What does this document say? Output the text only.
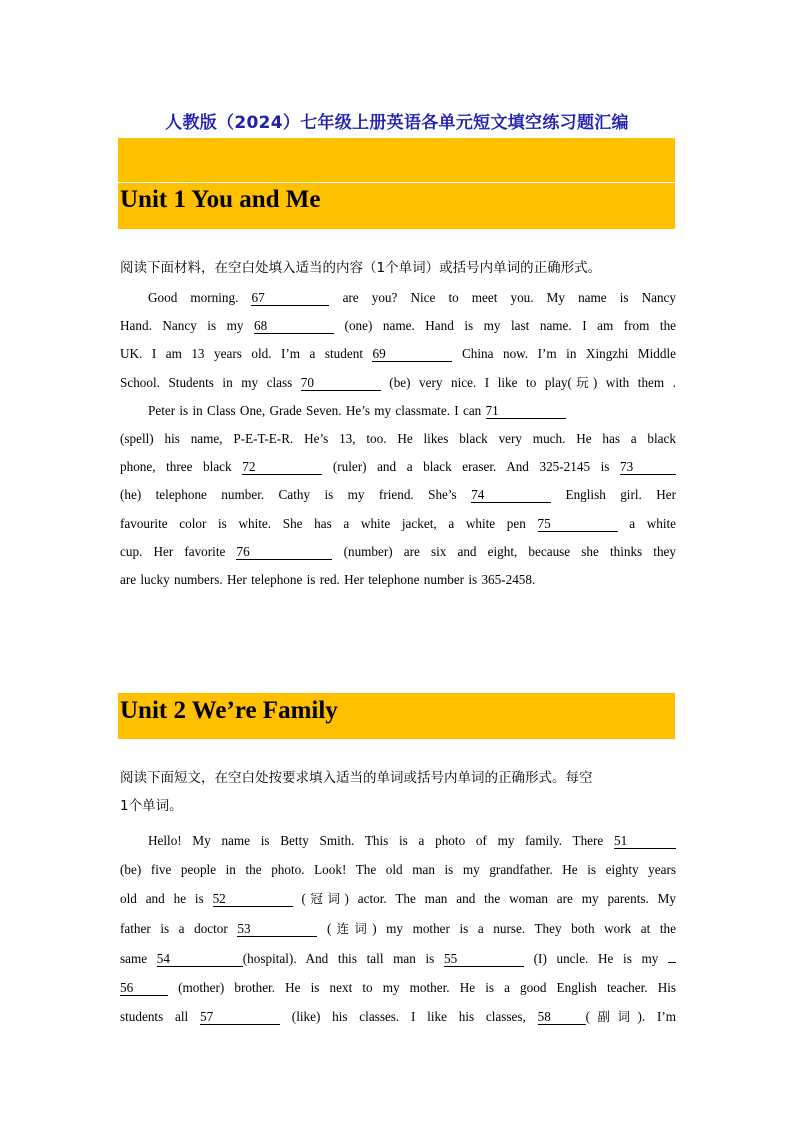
人教版（2024）七年级上册英语各单元短文填空练习题汇编
Unit 1 You and Me
阅读下面材料，在空白处填入适当的内容（1个单词）或括号内单词的正确形式。
Good morning. 67	are you? Nice to meet you. My name is Nancy
Hand. Nancy is my 68	(one) name. Hand is my last name. I am from the
UK. I am 13 years old. I’m a student 69	China now. I’m in Xingzhi Middle
School. Students in my class 70	(be) very nice. I like to play(玩) with them .
Peter is in Class One, Grade Seven. He’s my classmate. I can 71
(spell) his name, P-E-T-E-R. He’s 13, too. He likes black very much. He has a black
phone, three black 72	(ruler) and a black eraser. And 325-2145 is 73
(he) telephone number. Cathy is my friend. She’s 74	English girl. Her
favourite color is white. She has a white jacket, a white pen 75	a white
cup. Her favorite 76	(number) are six and eight, because she thinks they
are lucky numbers. Her telephone is red. Her telephone number is 365-2458.
Unit 2 We’re Family
阅读下面短文，在空白处按要求填入适当的单词或括号内单词的正确形式。每空
1个单词。
Hello! My name is Betty Smith. This is a photo of my family. There 51
(be) five people in the photo. Look! The old man is my grandfather. He is eighty years
old and he is 52	(冠词) actor. The man and the woman are my parents. My
father is a doctor 53	(连词) my mother is a nurse. They both work at the
same 54	(hospital). And this tall man is 55	(I) uncle. He is my
56	(mother) brother. He is next to my mother. He is a good English teacher. His
students all 57	(like) his classes. I like his classes, 58	(副词). I’m
